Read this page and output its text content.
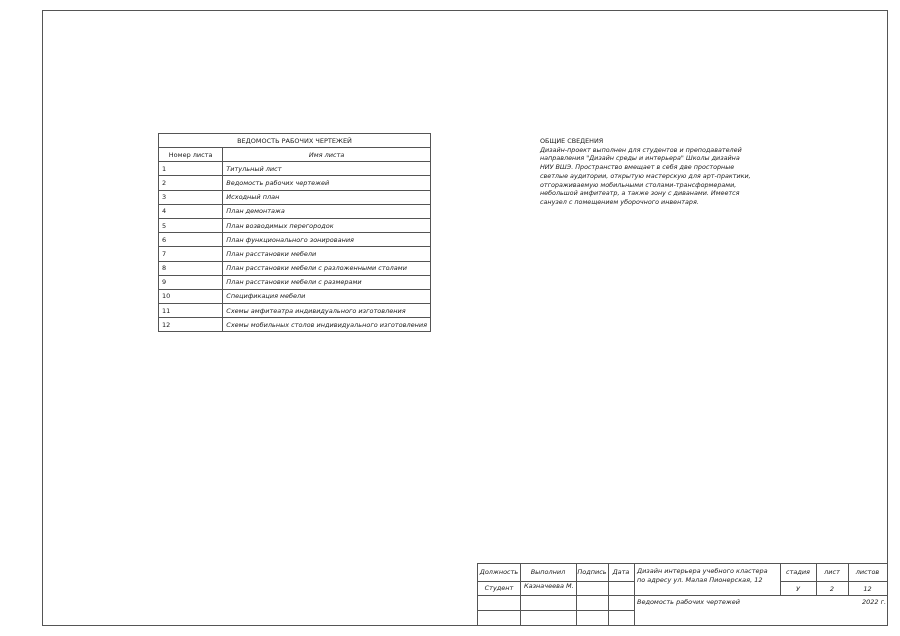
ВЕДОМОСТЬ РАБОЧИХ ЧЕРТЕЖЕЙ	
Номер листа	Имя листа
1	Титульный лист
2	Ведомость рабочих чертежей
3	Исходный план
4	План демонтажа
5	План возводимых перегородок
6	План функционального зонирования
7	План расстановки мебели
8	План расстановки мебели с разложенными столами
9	План расстановки мебели с размерами
10	Спецификация мебели
11	Схемы амфитеатра индивидуального изготовления
12	Схемы мобильных столов индивидуального изготовления
ОБЩИЕ СВЕДЕНИЯ
Дизайн-проект выполнен для студентов и преподавателей
направления "Дизайн среды и интерьера" Школы дизайна
НИУ ВШЭ. Пространство вмещает в себя две просторные
светлые аудитории, открытую мастерскую для арт-практики,
отгораживаемую мобильными столами-трансформерами,
небольшой амфитеатр, а также зону с диванами. Имеется
санузел с помещением уборочного инвентаря.
Должность	Выполнил	Подпись Дата
Студент	Казначеева М.
Дизайн интерьера учебного кластера
по адресу ул. Малая Пионерская, 12
стадия	лист	листов
У	2	12
Ведомость рабочих чертежей	2022 г.
